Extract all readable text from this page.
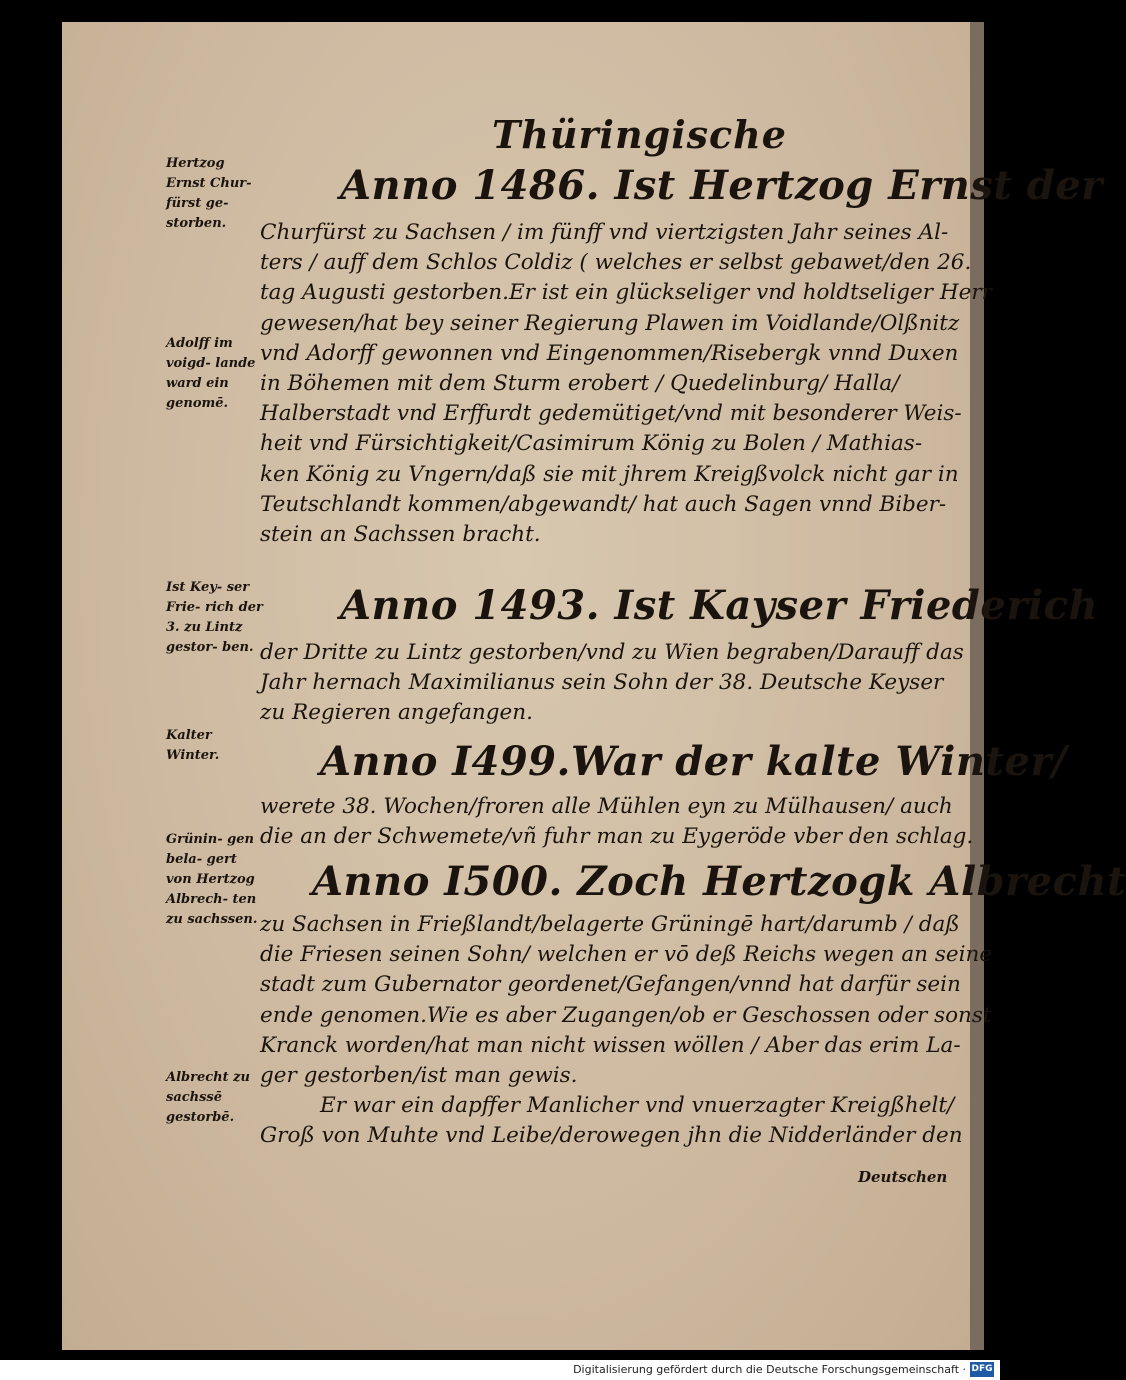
Thüringische
Hertzog Ernst Chur- fürst ge- storben.
Adolff im voigd- lande ward ein genomē.
Ist Key- ser Frie- rich der 3. zu Lintz gestor- ben.
Kalter Winter.
Grünin- gen bela- gert von Hertzog Albrech- ten zu sachssen.
Albrecht zu sachssē gestorbē.
Anno 1486. Ist Hertzog Ernst der
Churfürst zu Sachsen / im fünff vnd viertzigsten Jahr seines Al-
ters / auff dem Schlos Coldiz ( welches er selbst gebawet/den 26.
tag Augusti gestorben.Er ist ein glückseliger vnd holdtseliger Herr
gewesen/hat bey seiner Regierung Plawen im Voidlande/Olßnitz
vnd Adorff gewonnen vnd Eingenommen/Risebergk vnnd Duxen
in Böhemen mit dem Sturm erobert / Quedelinburg/ Halla/
Halberstadt vnd Erffurdt gedemütiget/vnd mit besonderer Weis-
heit vnd Fürsichtigkeit/Casimirum König zu Bolen / Mathias-
ken König zu Vngern/daß sie mit jhrem Kreigßvolck nicht gar in
Teutschlandt kommen/abgewandt/ hat auch Sagen vnnd Biber-
stein an Sachssen bracht.
Anno 1493. Ist Kayser Friederich
der Dritte zu Lintz gestorben/vnd zu Wien begraben/Darauff das
Jahr hernach Maximilianus sein Sohn der 38. Deutsche Keyser
zu Regieren angefangen.
Anno I499.War der kalte Winter/
werete 38. Wochen/froren alle Mühlen eyn zu Mülhausen/ auch
die an der Schwemete/vñ fuhr man zu Eygeröde vber den schlag.
Anno I500. Zoch Hertzogk Albrecht
zu Sachsen in Frießlandt/belagerte Grüningē hart/darumb / daß
die Friesen seinen Sohn/ welchen er vō deß Reichs wegen an seine
stadt zum Gubernator geordenet/Gefangen/vnnd hat darfür sein
ende genomen.Wie es aber Zugangen/ob er Geschossen oder sonst
Kranck worden/hat man nicht wissen wöllen / Aber das erim La-
ger gestorben/ist man gewis.
Er war ein dapffer Manlicher vnd vnuerzagter Kreigßhelt/
Groß von Muhte vnd Leibe/derowegen jhn die Nidderländer den
Deutschen
Digitalisierung gefördert durch die Deutsche Forschungsgemeinschaft · DFG
